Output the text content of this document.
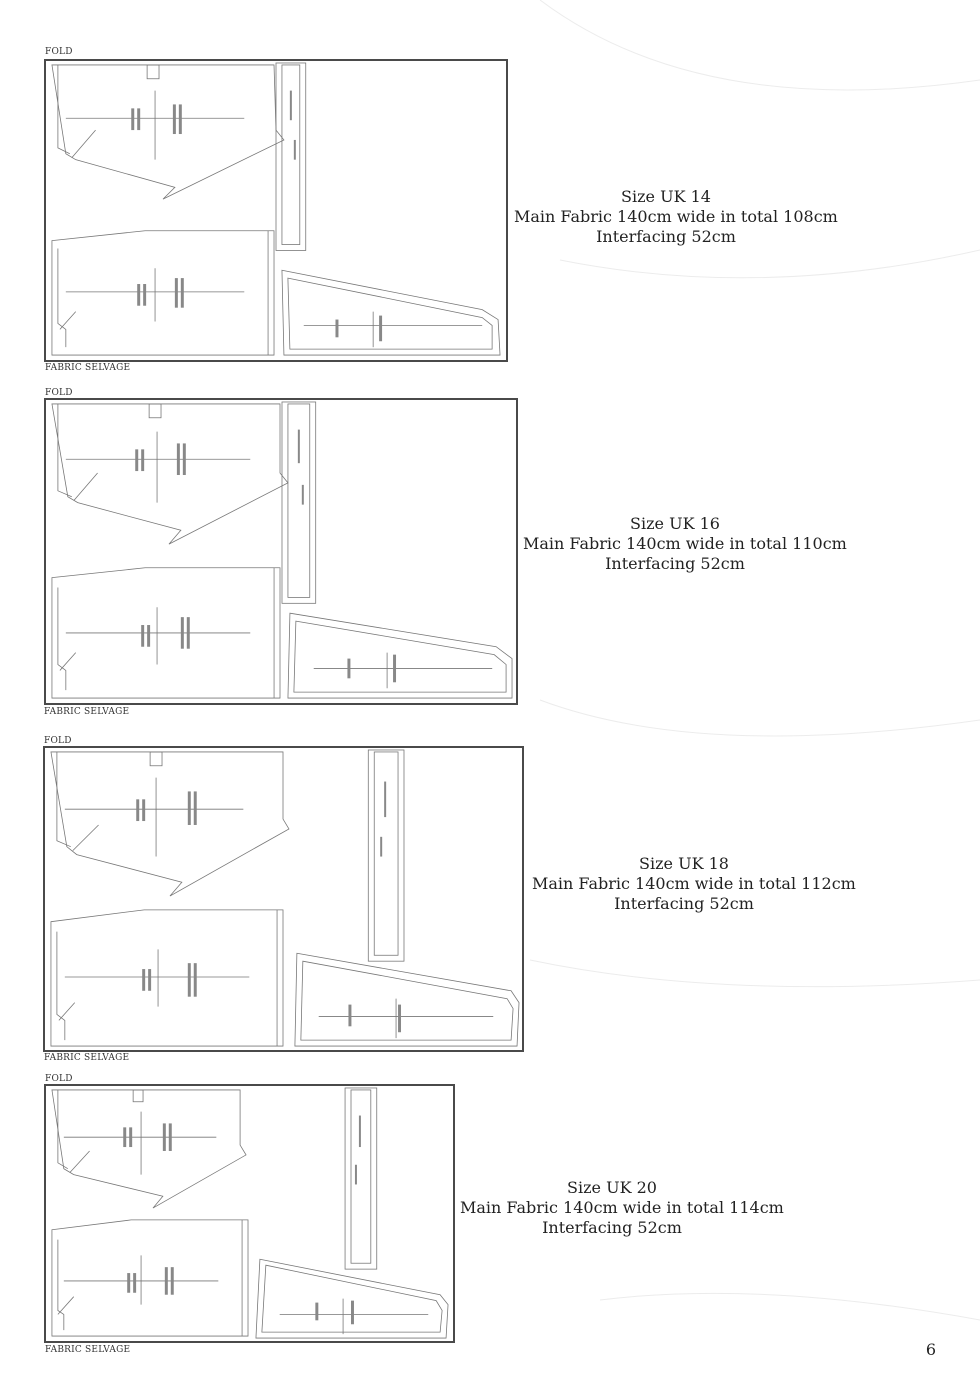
FOLD
FABRIC SELVAGE
Size UK 14
Main Fabric 140cm wide in total 108cm
Interfacing 52cm
FOLD
FABRIC SELVAGE
Size UK 16
Main Fabric 140cm wide in total 110cm
Interfacing 52cm
FOLD
FABRIC SELVAGE
Size UK 18
Main Fabric 140cm wide in total 112cm
Interfacing 52cm
FOLD
FABRIC SELVAGE
Size UK 20
Main Fabric 140cm wide in total 114cm
Interfacing 52cm
6
